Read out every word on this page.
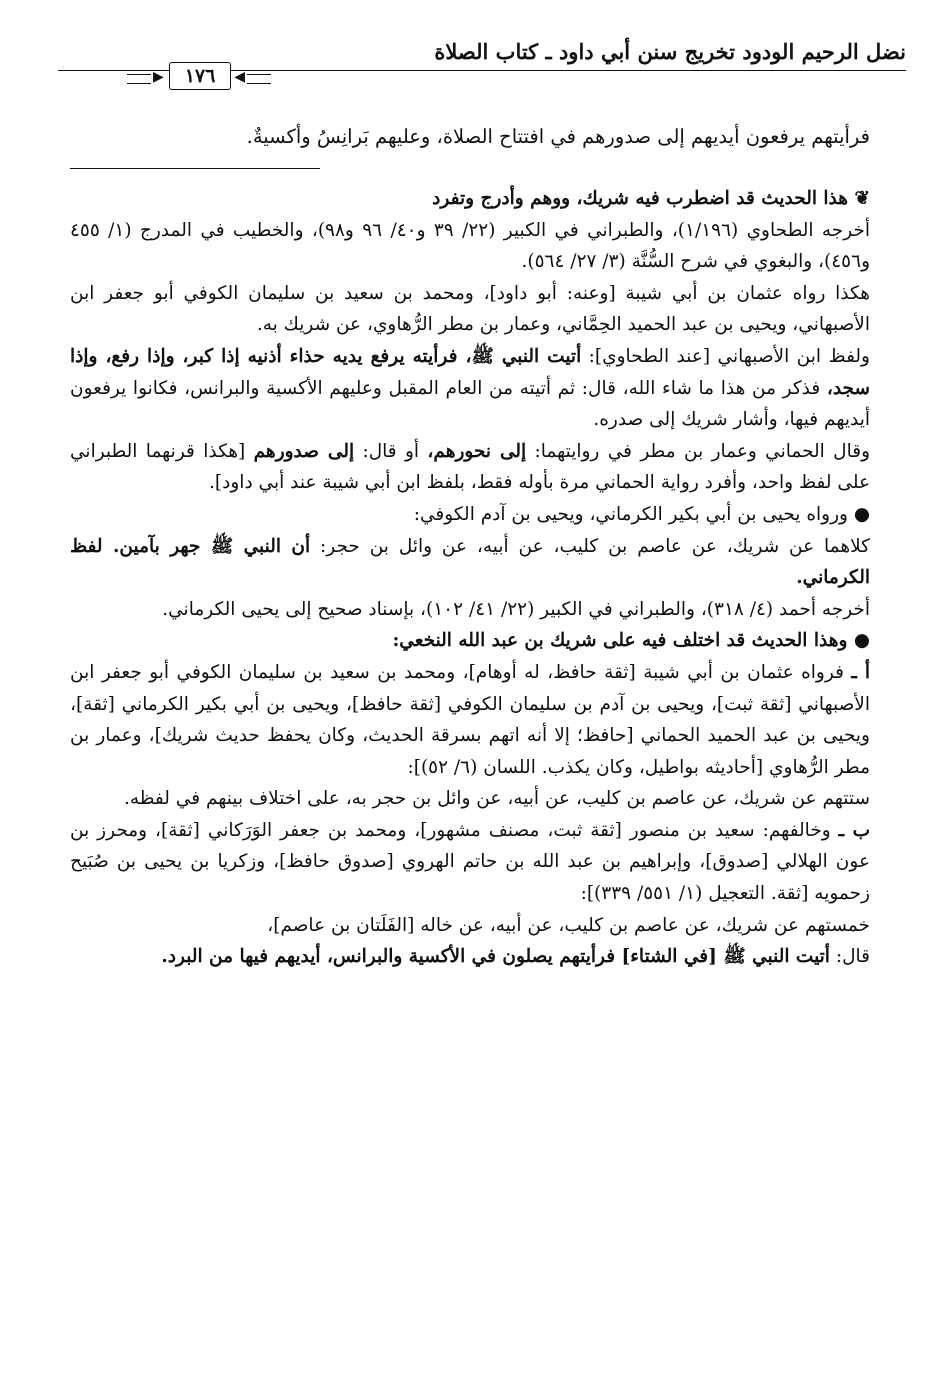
نضل الرحيم الودود تخريج سنن أبي داود ـ كتاب الصلاة
◀
▶	١٧٦

فرأيتهم يرفعون أيديهم إلى صدورهم في افتتاح الصلاة، وعليهم بَرانِسُ وأكسيةٌ.

❦ هذا الحديث قد اضطرب فيه شريك، ووهم وأدرج وتفرد

أخرجه الطحاوي (١/١٩٦)، والطبراني في الكبير (٢٢/ ٣٩ و٤٠/ ٩٦ و٩٨)، والخطيب في المدرج (١/ ٤٥٥ و٤٥٦)، والبغوي في شرح السُّنَّة (٣/ ٢٧/ ٥٦٤).

هكذا رواه عثمان بن أبي شيبة [وعنه: أبو داود]، ومحمد بن سعيد بن سليمان الكوفي أبو جعفر ابن الأصبهاني، ويحيى بن عبد الحميد الحِمَّاني، وعمار بن مطر الرُّهاوي، عن شريك به.

ولفظ ابن الأصبهاني [عند الطحاوي]: أتيت النبي ﷺ، فرأيته يرفع يديه حذاء أذنيه إذا كبر، وإذا رفع، وإذا سجد، فذكر من هذا ما شاء الله، قال: ثم أتيته من العام المقبل وعليهم الأكسية والبرانس، فكانوا يرفعون أيديهم فيها، وأشار شريك إلى صدره.

وقال الحماني وعمار بن مطر في روايتهما: إلى نحورهم، أو قال: إلى صدورهم [هكذا قرنهما الطبراني على لفظ واحد، وأفرد رواية الحماني مرة بأوله فقط، بلفظ ابن أبي شيبة عند أبي داود].

● ورواه يحيى بن أبي بكير الكرماني، ويحيى بن آدم الكوفي:

كلاهما عن شريك، عن عاصم بن كليب، عن أبيه، عن وائل بن حجر: أن النبي ﷺ جهر بآمين. لفظ الكرماني.

أخرجه أحمد (٤/ ٣١٨)، والطبراني في الكبير (٢٢/ ٤١/ ١٠٢)، بإسناد صحيح إلى يحيى الكرماني.

● وهذا الحديث قد اختلف فيه على شريك بن عبد الله النخعي:

أ ـ فرواه عثمان بن أبي شيبة [ثقة حافظ، له أوهام]، ومحمد بن سعيد بن سليمان الكوفي أبو جعفر ابن الأصبهاني [ثقة ثبت]، ويحيى بن آدم بن سليمان الكوفي [ثقة حافظ]، ويحيى بن أبي بكير الكرماني [ثقة]، ويحيى بن عبد الحميد الحماني [حافظ؛ إلا أنه اتهم بسرقة الحديث، وكان يحفظ حديث شريك]، وعمار بن مطر الرُّهاوي [أحاديثه بواطيل، وكان يكذب. اللسان (٦/ ٥٢)]:

ستتهم عن شريك، عن عاصم بن كليب، عن أبيه، عن وائل بن حجر به، على اختلاف بينهم في لفظه.

ب ـ وخالفهم: سعيد بن منصور [ثقة ثبت، مصنف مشهور]، ومحمد بن جعفر الوَرَكاني [ثقة]، ومحرز بن عون الهلالي [صدوق]، وإبراهيم بن عبد الله بن حاتم الهروي [صدوق حافظ]، وزكريا بن يحيى بن صُبَيح زحمويه [ثقة. التعجيل (١/ ٥٥١/ ٣٣٩)]:

خمستهم عن شريك، عن عاصم بن كليب، عن أبيه، عن خاله [الفَلَتان بن عاصم]،

قال: أتيت النبي ﷺ [في الشتاء] فرأيتهم يصلون في الأكسية والبرانس، أيديهم فيها من البرد.
